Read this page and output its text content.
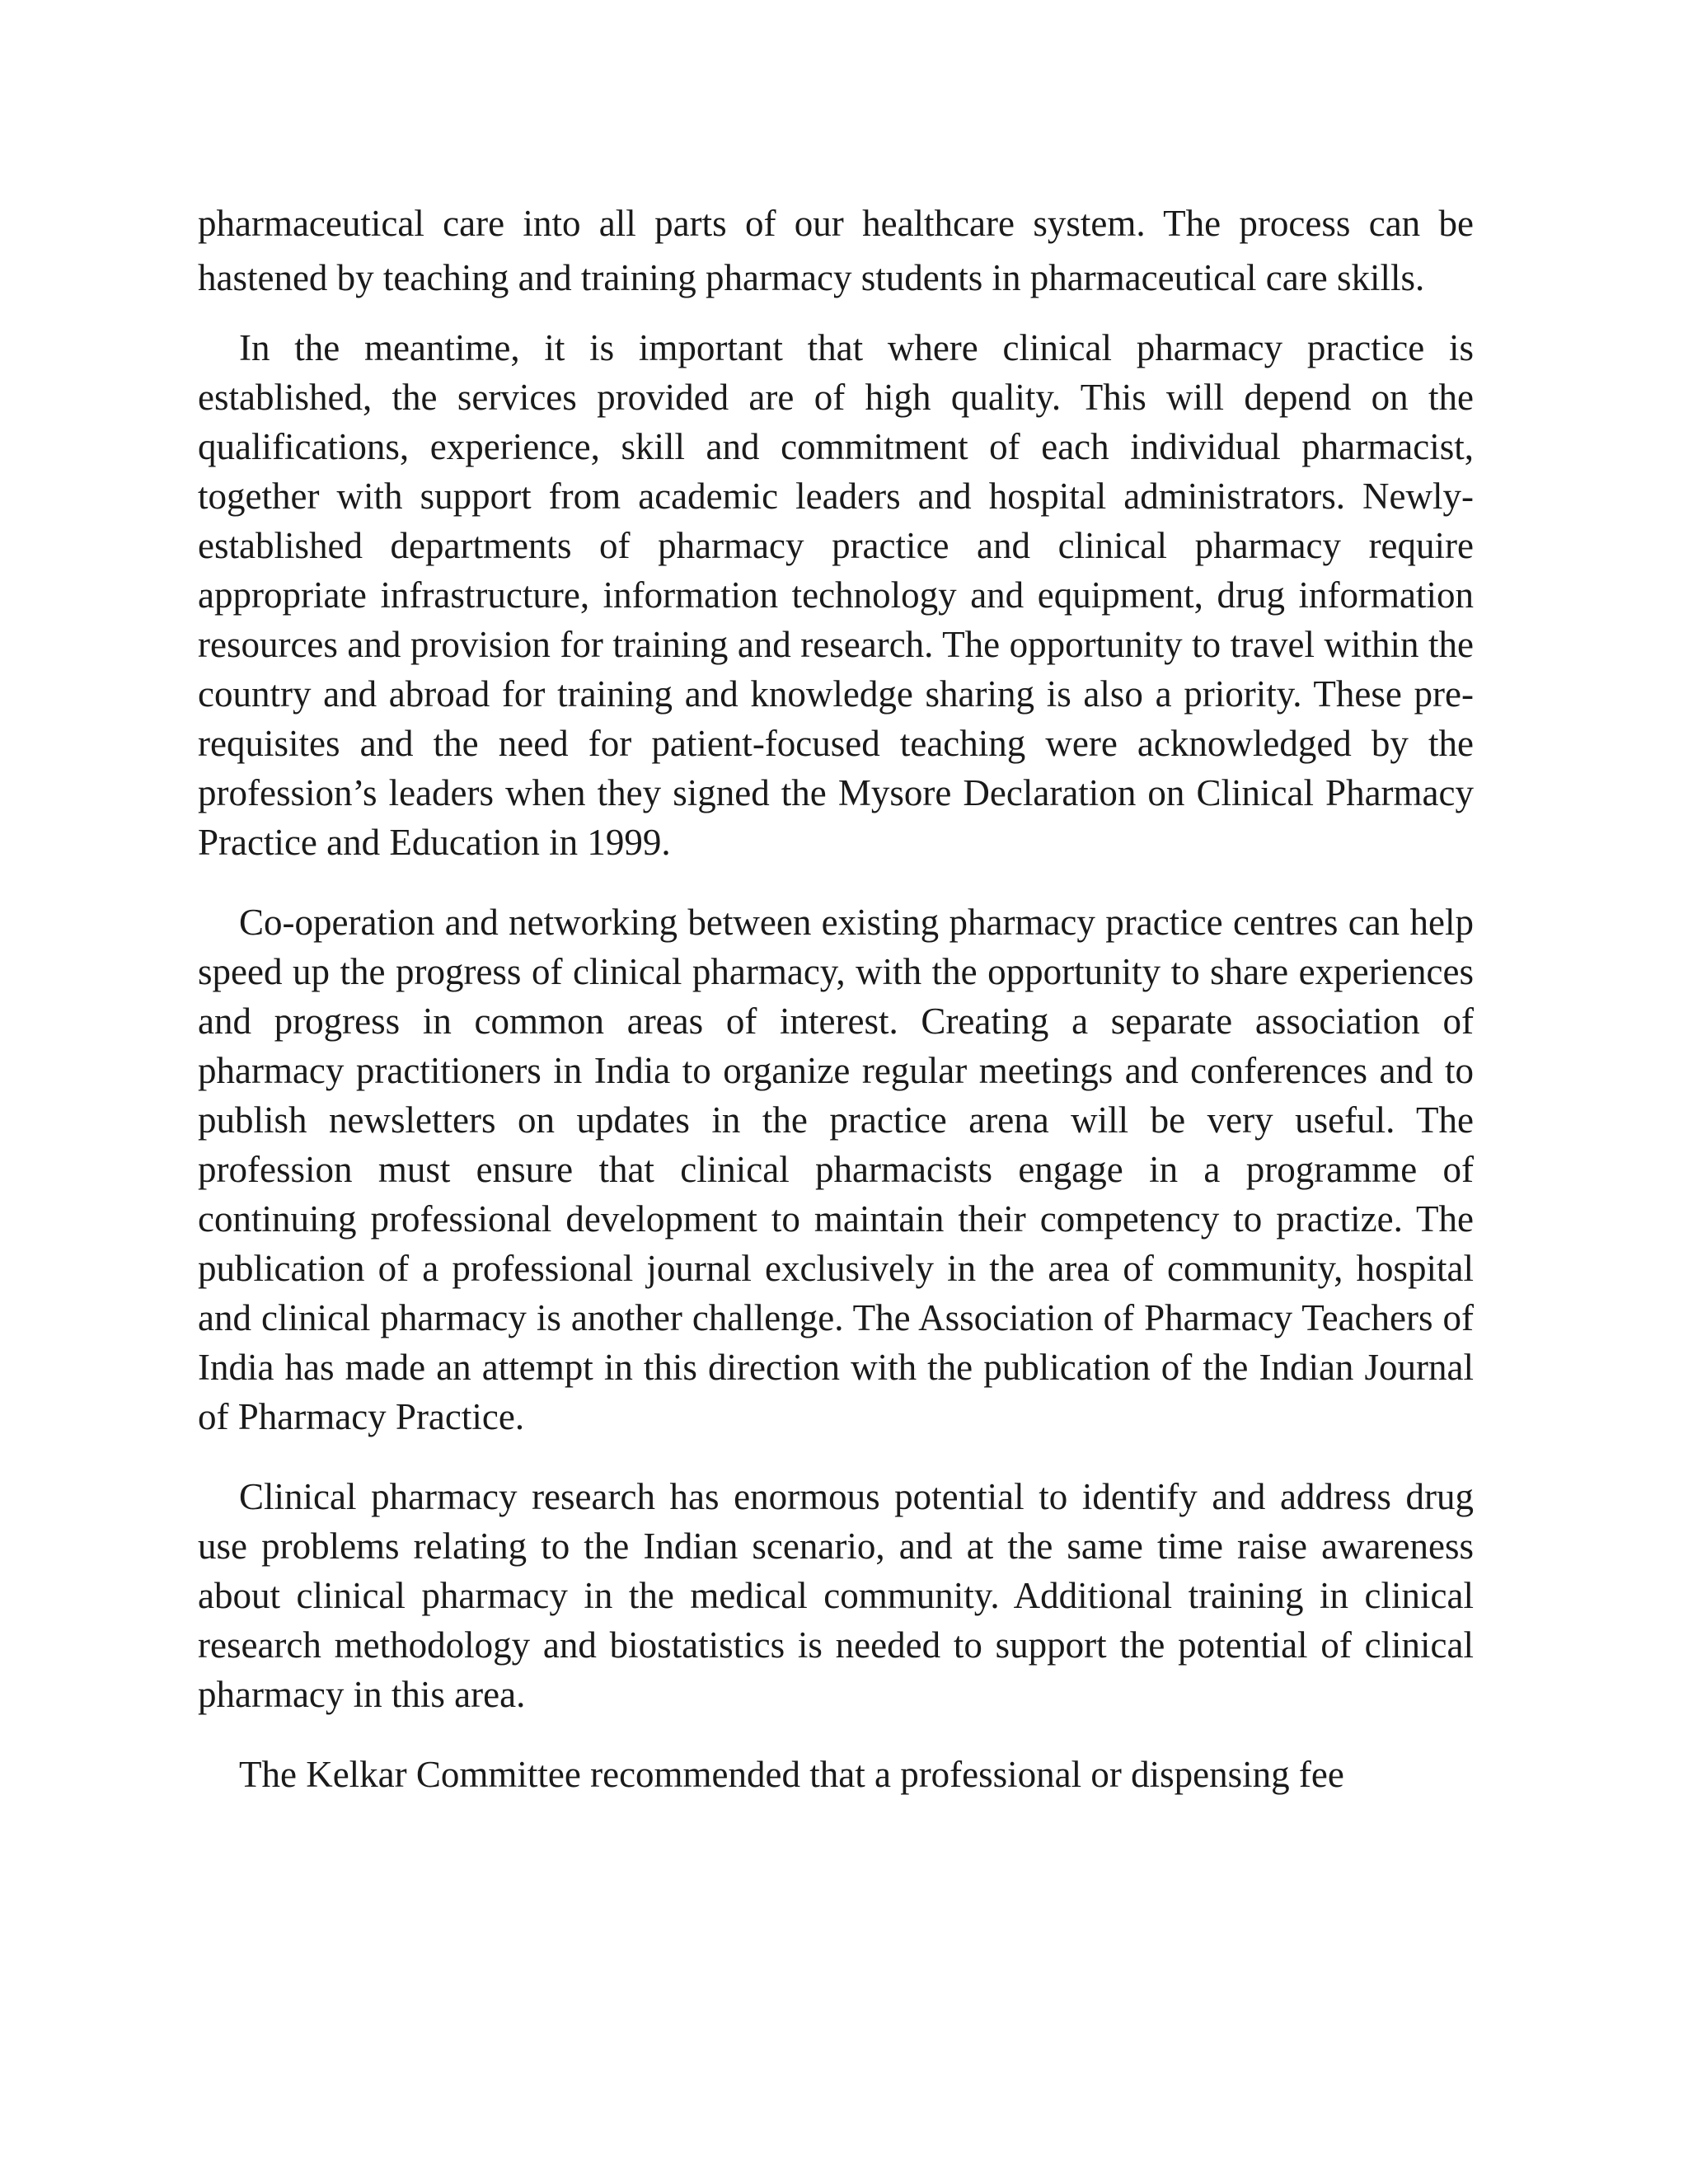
pharmaceutical care into all parts of our healthcare system. The process can be hastened by teaching and training pharmacy students in pharmaceutical care skills.

In the meantime, it is important that where clinical pharmacy practice is established, the services provided are of high quality. This will depend on the qualifications, experience, skill and commitment of each individual pharmacist, together with support from academic leaders and hospital administrators. Newly-established departments of pharmacy practice and clinical pharmacy require appropriate infrastructure, information technology and equipment, drug information resources and provision for training and research. The opportunity to travel within the country and abroad for training and knowledge sharing is also a priority. These pre-requisites and the need for patient-focused teaching were acknowledged by the profession’s leaders when they signed the Mysore Declaration on Clinical Pharmacy Practice and Education in 1999.

Co-operation and networking between existing pharmacy practice centres can help speed up the progress of clinical pharmacy, with the opportunity to share experiences and progress in common areas of interest. Creating a separate association of pharmacy practitioners in India to organize regular meetings and conferences and to publish newsletters on updates in the practice arena will be very useful. The profession must ensure that clinical pharmacists engage in a programme of continuing professional development to maintain their competency to practize. The publication of a professional journal exclusively in the area of community, hospital and clinical pharmacy is another challenge. The Association of Pharmacy Teachers of India has made an attempt in this direction with the publication of the Indian Journal of Pharmacy Practice.

Clinical pharmacy research has enormous potential to identify and address drug use problems relating to the Indian scenario, and at the same time raise awareness about clinical pharmacy in the medical community. Additional training in clinical research methodology and biostatistics is needed to support the potential of clinical pharmacy in this area.

The Kelkar Committee recommended that a professional or dispensing fee
